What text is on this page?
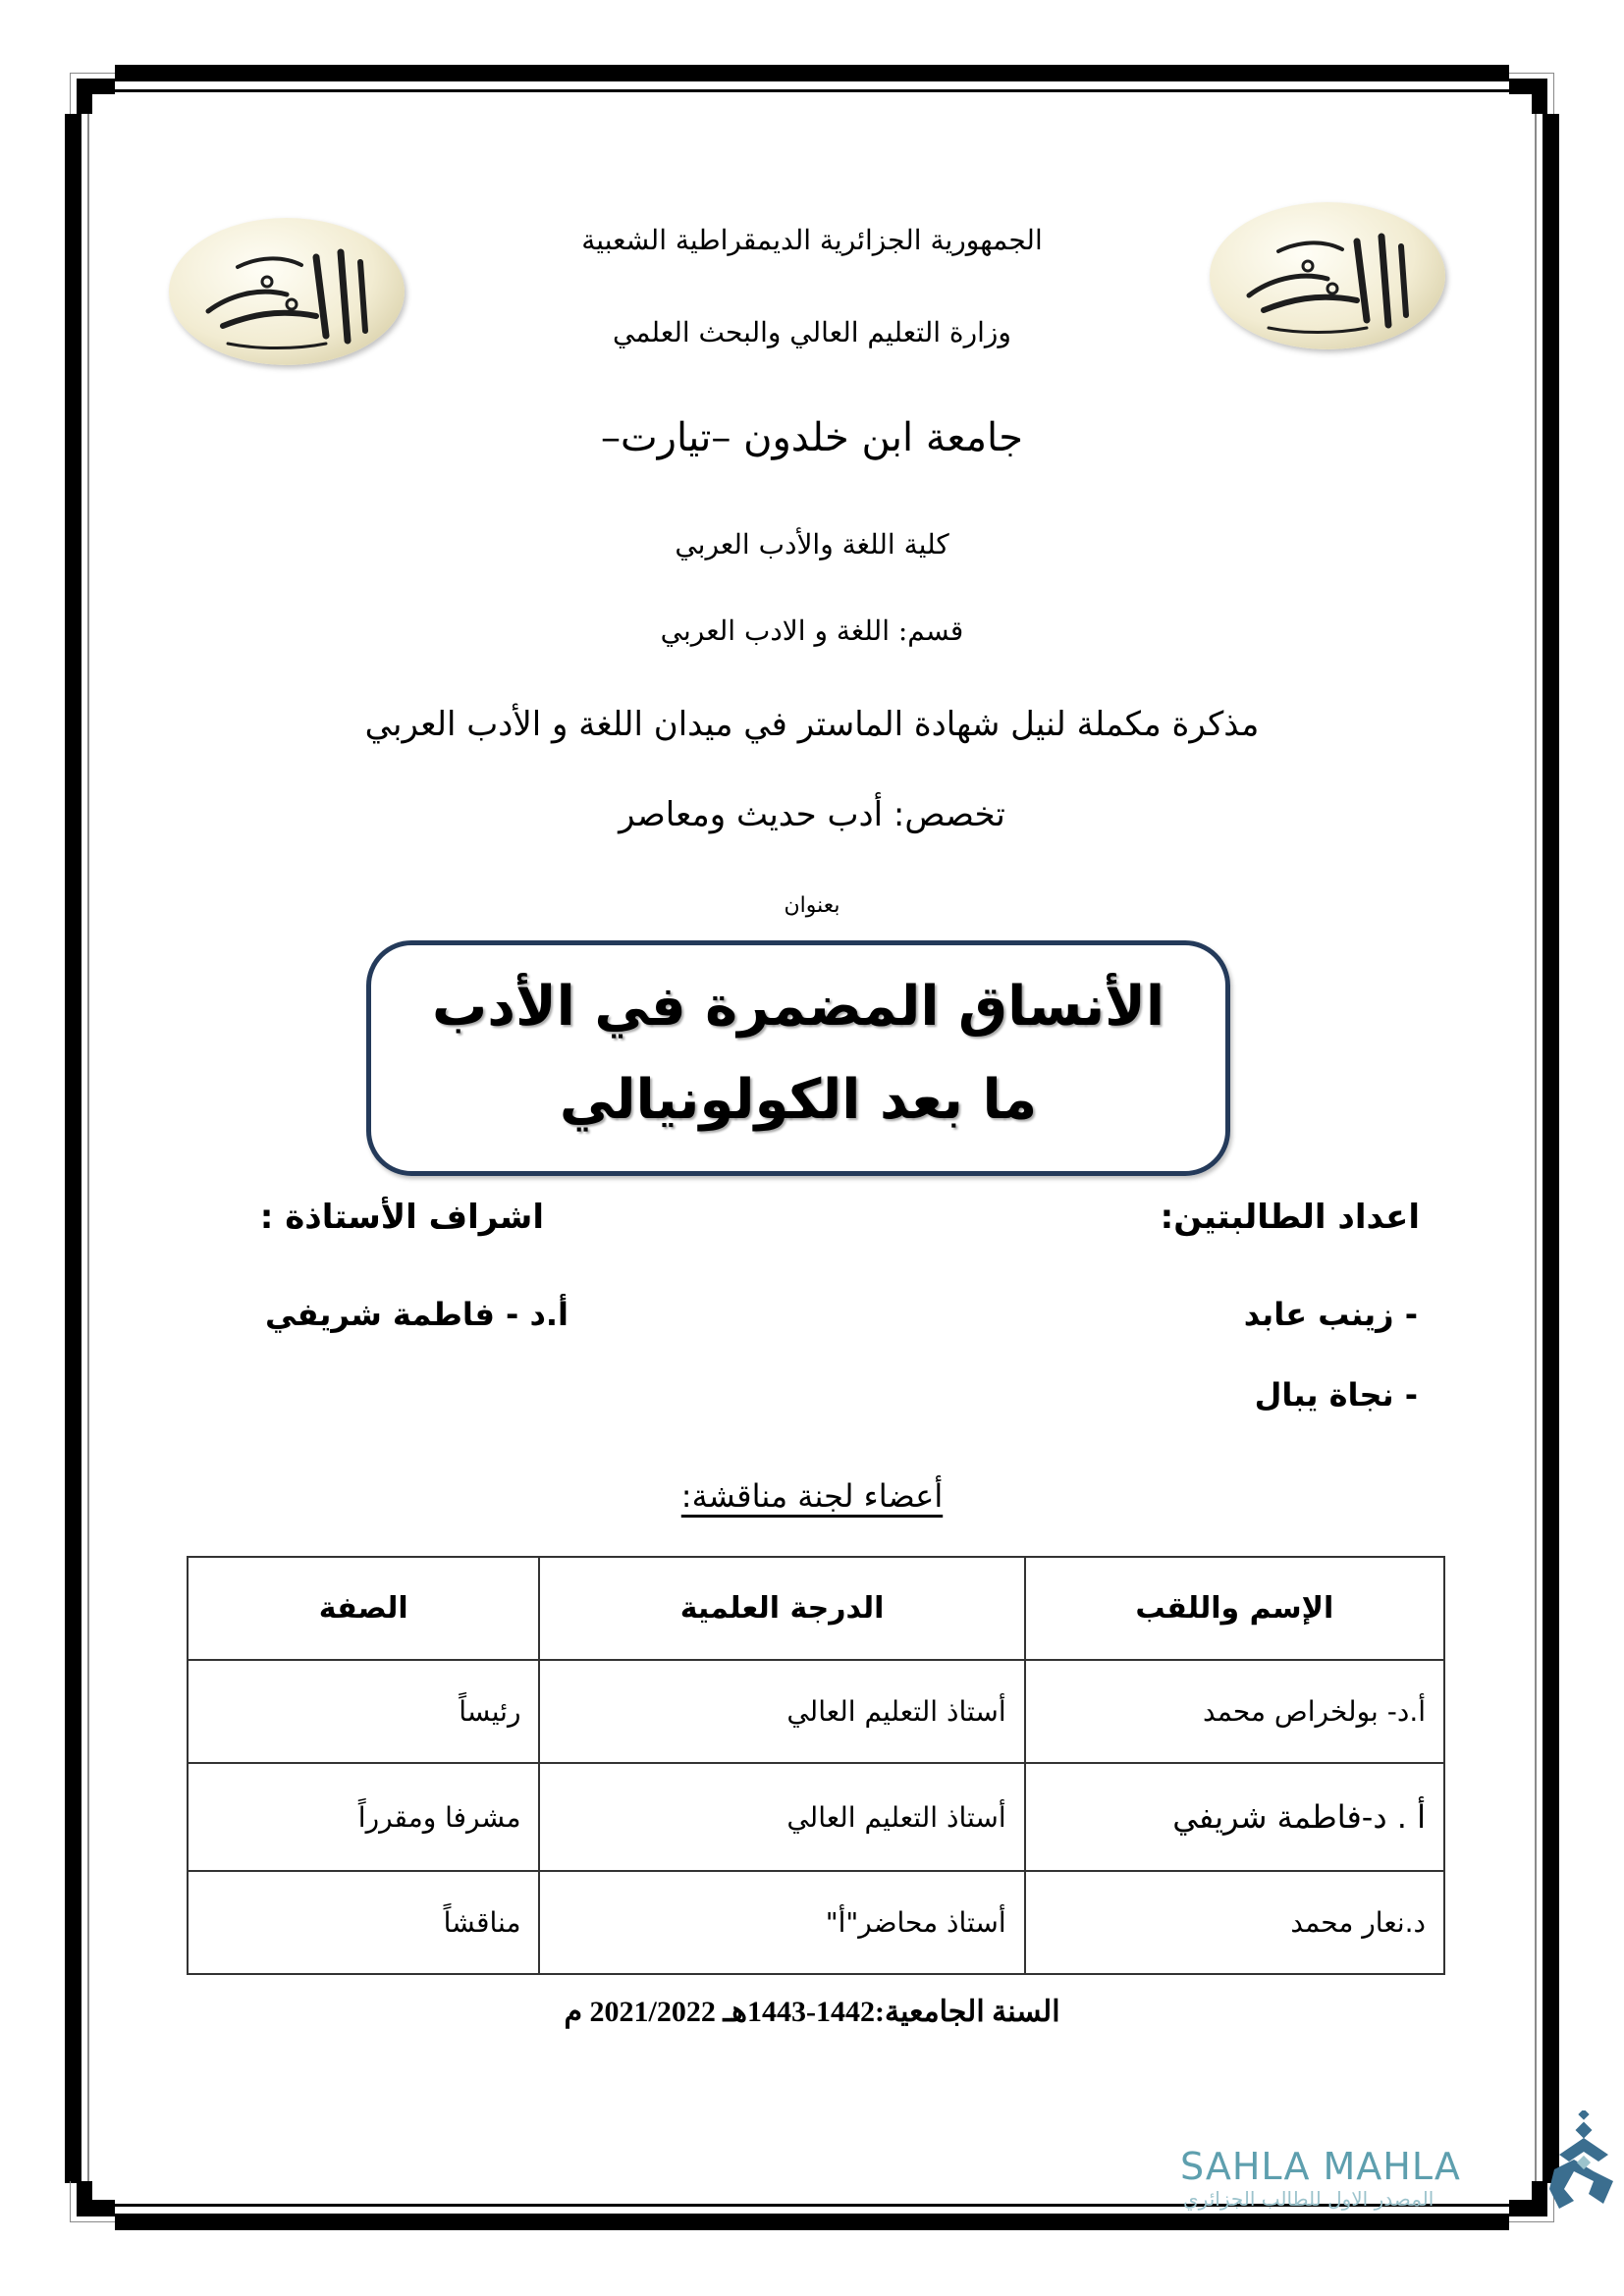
الجمهورية الجزائرية الديمقراطية الشعبية
وزارة التعليم العالي والبحث العلمي
جامعة ابن خلدون –تيارت–
كلية اللغة والأدب العربي
قسم: اللغة و الادب العربي
مذكرة مكملة لنيل شهادة الماستر في ميدان اللغة و الأدب العربي
تخصص: أدب حديث ومعاصر
بعنوان
الأنساق المضمرة في الأدب
ما بعد الكولونيالي
اعداد الطالبتين:
- زينب عابد
- نجاة يبال
اشراف الأستاذة :
أ.د - فاطمة شريفي
أعضاء لجنة مناقشة:
الإسم واللقب	الدرجة العلمية	الصفة
أ.د- بولخراص محمد	أستاذ التعليم العالي	رئيساً
أ . د-فاطمة شريفي	أستاذ التعليم العالي	مشرفا ومقرراً
د.نعار محمد	أستاذ محاضر"أ"	مناقشاً
السنة الجامعية:1442-1443هـ 2021/2022 م
SAHLA MAHLA
المصدر الاول للطالب الجزائري
